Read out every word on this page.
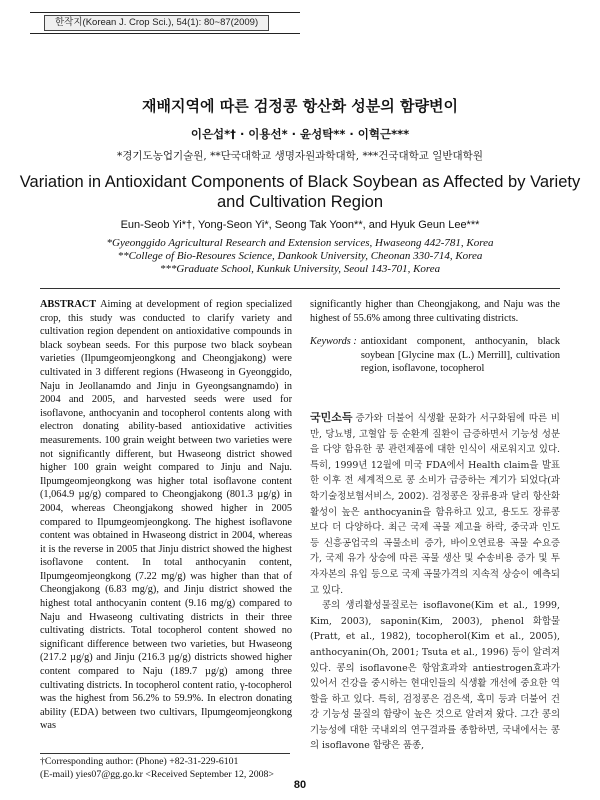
한작지(Korean J. Crop Sci.), 54(1): 80~87(2009)
재배지역에 따른 검정콩 항산화 성분의 함량변이
이은섭*† · 이용선* · 윤성탁** · 이혁근***
*경기도농업기술원, **단국대학교 생명자원과학대학, ***건국대학교 일반대학원
Variation in Antioxidant Components of Black Soybean as Affected by Variety
and Cultivation Region
Eun-Seob Yi*†, Yong-Seon Yi*, Seong Tak Yoon**, and Hyuk Geun Lee***
*Gyeonggido Agricultural Research and Extension services, Hwaseong 442-781, Korea
**College of Bio-Resoures Science, Dankook University, Cheonan 330-714, Korea
***Graduate School, Kunkuk University, Seoul 143-701, Korea

ABSTRACT Aiming at development of region specialized crop, this study was conducted to clarify variety and cultivation region dependent on antioxidative compounds in black soybean seeds. For this purpose two black soybean varieties (Ilpumgeomjeongkong and Cheongjakong) were cultivated in 3 different regions (Hwaseong in Gyeonggido, Naju in Jeollanamdo and Jinju in Gyeongsangnamdo) in 2004 and 2005, and harvested seeds were used for isoflavone, anthocyanin and tocopherol contents along with electron donating ability-based antioxidative activities measurements. 100 grain weight between two varieties were not significantly different, but Hwaseong district showed higher 100 grain weight compared to Jinju and Naju. Ilpumgeomjeongkong was higher total isoflavone content (1,064.9 µg/g) compared to Cheongjakong (801.3 µg/g) in 2004, whereas Cheongjakong showed higher in 2005 compared to Ilpumgeomjeongkong. The highest isoflavone content was obtained in Hwaseong district in 2004, whereas it is the reverse in 2005 that Jinju district showed the highest isoflavone content. In total anthocyanin content, Ilpumgeomjeongkong (7.22 mg/g) was higher than that of Cheongjakong (6.83 mg/g), and Jinju district showed the highest total anthocyanin content (9.16 mg/g) compared to Naju and Hwaseong cultivating districts in their three cultivating districts. Total tocopherol content showed no significant difference between two varieties, but Hwaseong (217.2 µg/g) and Jinju (216.3 µg/g) districts showed higher content compared to Naju (189.7 µg/g) among three cultivating districts. In tocopherol content ratio, γ-tocopherol was the highest from 56.2% to 59.9%. In electron donating ability (EDA) between two cultivars, Ilpumgeomjeongkong was

significantly higher than Cheongjakong, and Naju was the highest of 55.6% among three cultivating districts.

Keywords : antioxidant component, anthocyanin, black soybean [Glycine max (L.) Merrill], cultivation region, isoflavone, tocopherol

국민소득 증가와 더불어 식생활 문화가 서구화됨에 따른 비만, 당뇨병, 고혈압 등 순환계 질환이 급증하면서 기능성 성분을 다양 함유한 콩 관련제품에 대한 인식이 새로워지고 있다. 특히, 1999년 12월에 미국 FDA에서 Health claim을 발표한 이후 전 세계적으로 콩 소비가 급증하는 계기가 되었다(과학기술정보협서비스, 2002). 검정콩은 장류용과 달리 항산화 활성이 높은 anthocyanin을 함유하고 있고, 용도도 장류콩보다 더 다양하다. 최근 국제 곡물 제고율 하락, 중국과 인도 등 신흥공업국의 곡물소비 증가, 바이오연료용 곡물 수요증가, 국제 유가 상승에 따른 곡물 생산 및 수송비용 증가 및 투자자본의 유입 등으로 국제 곡물가격의 지속적 상승이 예측되고 있다.

콩의 생리활성물질로는 isoflavone(Kim et al., 1999, Kim, 2003), saponin(Kim, 2003), phenol 화합물(Pratt, et al., 1982), tocopherol(Kim et al., 2005), anthocyanin(Oh, 2001; Tsuta et al., 1996) 등이 알려져 있다. 콩의 isoflavone은 항암효과와 antiestrogen효과가 있어서 건강을 중시하는 현대인들의 식생활 개선에 중요한 역할을 하고 있다. 특히, 검정콩은 검은색, 흑미 등과 더불어 건강 기능성 물질의 함량이 높은 것으로 알려져 왔다. 그간 콩의 기능성에 대한 국내외의 연구결과를 종합하면, 국내에서는 콩의 isoflavone 함량은 품종,

†Corresponding author: (Phone) +82-31-229-6101
(E-mail) yies07@gg.go.kr <Received September 12, 2008>
80
